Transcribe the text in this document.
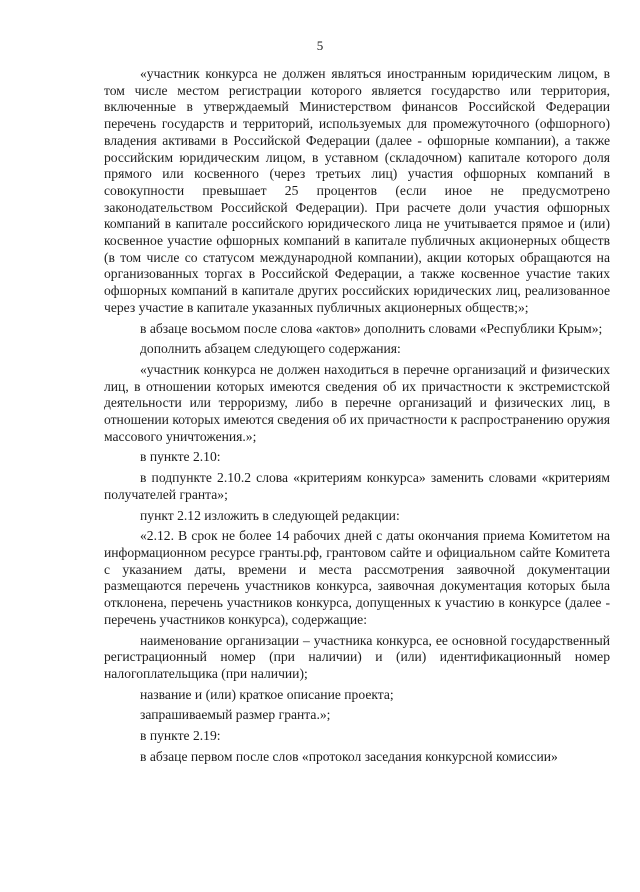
5

«участник конкурса не должен являться иностранным юридическим лицом, в том числе местом регистрации которого является государство или территория, включенные в утверждаемый Министерством финансов Российской Федерации перечень государств и территорий, используемых для промежуточного (офшорного) владения активами в Российской Федерации (далее - офшорные компании), а также российским юридическим лицом, в уставном (складочном) капитале которого доля прямого или косвенного (через третьих лиц) участия офшорных компаний в совокупности превышает 25 процентов (если иное не предусмотрено законодательством Российской Федерации). При расчете доли участия офшорных компаний в капитале российского юридического лица не учитывается прямое и (или) косвенное участие офшорных компаний в капитале публичных акционерных обществ (в том числе со статусом международной компании), акции которых обращаются на организованных торгах в Российской Федерации, а также косвенное участие таких офшорных компаний в капитале других российских юридических лиц, реализованное через участие в капитале указанных публичных акционерных обществ;»;

в абзаце восьмом после слова «актов» дополнить словами «Республики Крым»;

дополнить абзацем следующего содержания:

«участник конкурса не должен находиться в перечне организаций и физических лиц, в отношении которых имеются сведения об их причастности к экстремистской деятельности или терроризму, либо в перечне организаций и физических лиц, в отношении которых имеются сведения об их причастности к распространению оружия массового уничтожения.»;

в пункте 2.10:

в подпункте 2.10.2 слова «критериям конкурса» заменить словами «критериям получателей гранта»;

пункт 2.12 изложить в следующей редакции:

«2.12. В срок не более 14 рабочих дней с даты окончания приема Комитетом на информационном ресурсе гранты.рф, грантовом сайте и официальном сайте Комитета с указанием даты, времени и места рассмотрения заявочной документации размещаются перечень участников конкурса, заявочная документация которых была отклонена, перечень участников конкурса, допущенных к участию в конкурсе (далее - перечень участников конкурса), содержащие:

наименование организации – участника конкурса, ее основной государственный регистрационный номер (при наличии) и (или) идентификационный номер налогоплательщика (при наличии);

название и (или) краткое описание проекта;

запрашиваемый размер гранта.»;

в пункте 2.19:

в абзаце первом после слов «протокол заседания конкурсной комиссии»
